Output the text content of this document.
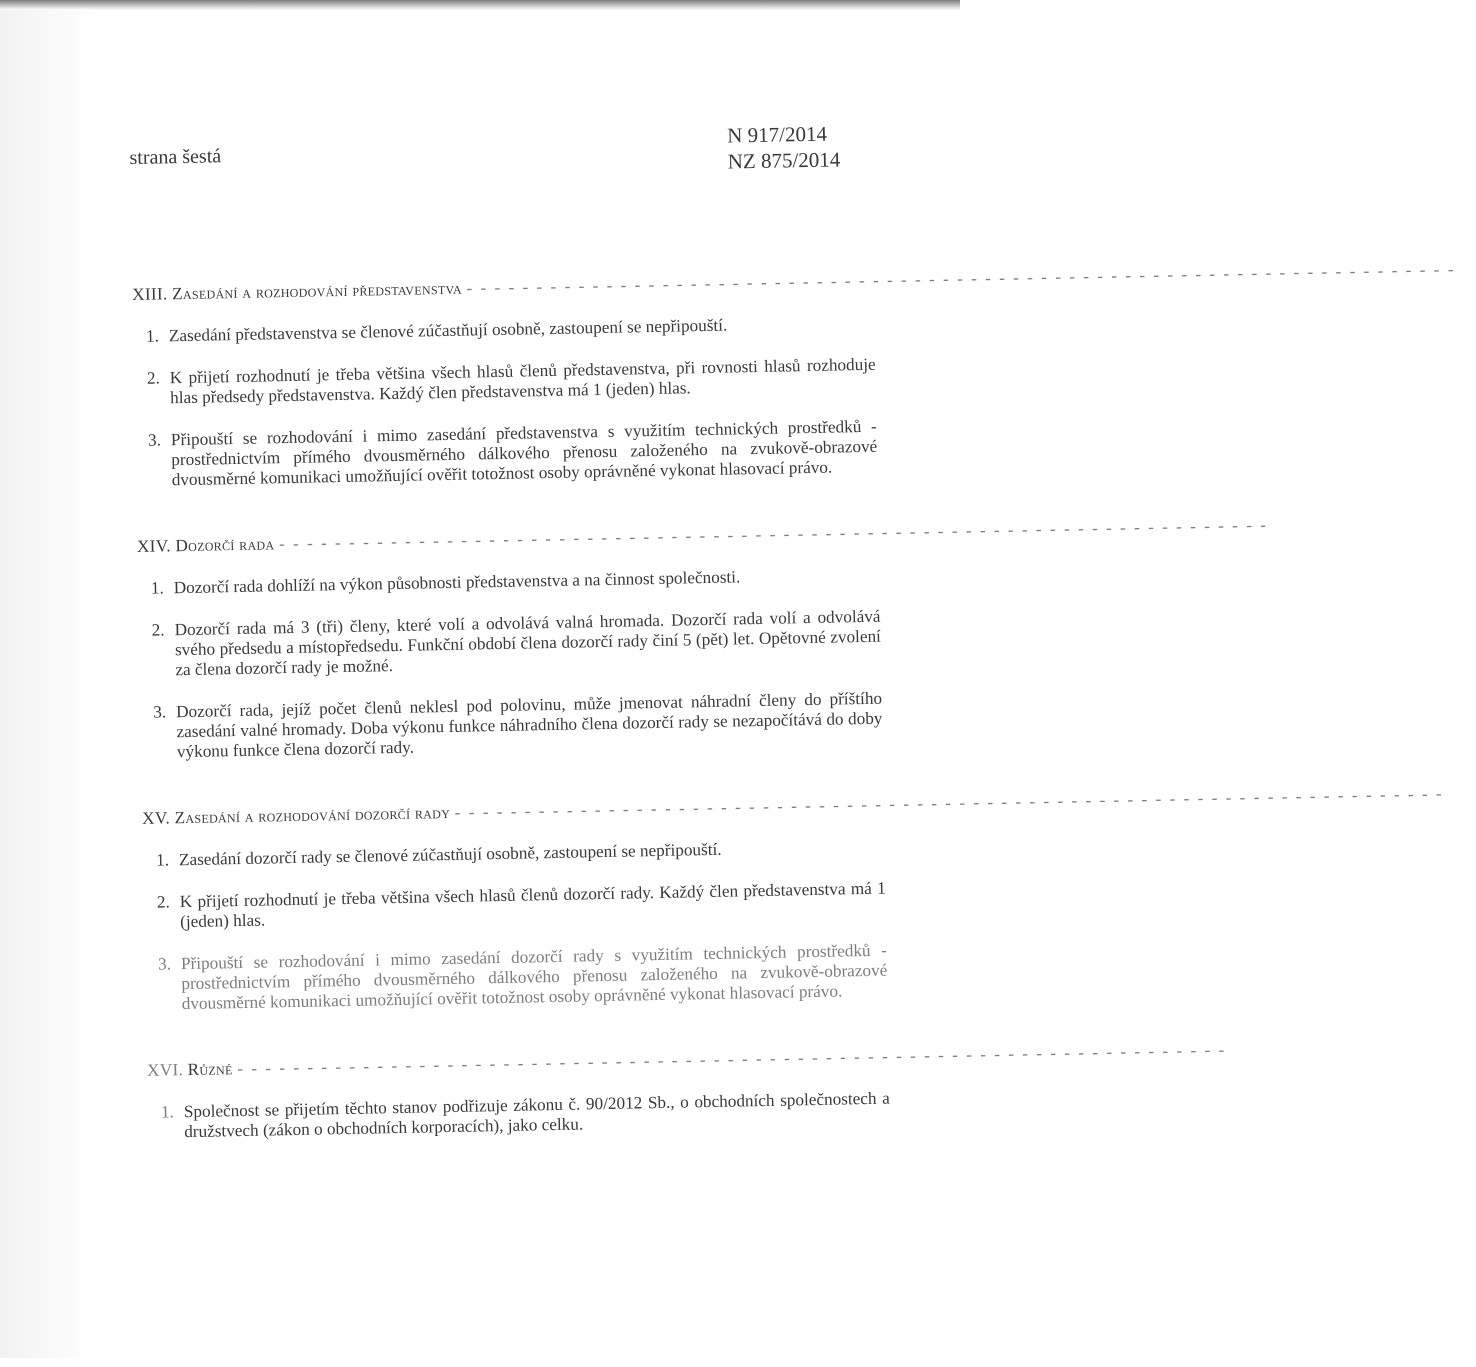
strana šestá
N 917/2014
NZ 875/2014
XIII. Zasedání a rozhodování představenstva - - - - - - - - - - - - - - - - - - - - - - - - - - - - - - - - - - - - - - - - - - - - - - - - - - - - - - - - - - - - - - - - - - - - - - -
1. Zasedání představenstva se členové zúčastňují osobně, zastoupení se nepřipouští.
2. K přijetí rozhodnutí je třeba většina všech hlasů členů představenstva, při rovnosti hlasů rozhoduje hlas předsedy představenstva. Každý člen představenstva má 1 (jeden) hlas.
3. Připouští se rozhodování i mimo zasedání představenstva s využitím technických prostředků - prostřednictvím přímého dvousměrného dálkového přenosu založeného na zvukově-obrazové dvousměrné komunikaci umožňující ověřit totožnost osoby oprávněné vykonat hlasovací právo.
XIV. Dozorčí rada - - - - - - - - - - - - - - - - - - - - - - - - - - - - - - - - - - - - - - - - - - - - - - - - - - - - - - - - - - - - - - - - - - - - - - -
1. Dozorčí rada dohlíží na výkon působnosti představenstva a na činnost společnosti.
2. Dozorčí rada má 3 (tři) členy, které volí a odvolává valná hromada. Dozorčí rada volí a odvolává svého předsedu a místopředsedu. Funkční období člena dozorčí rady činí 5 (pět) let. Opětovné zvolení za člena dozorčí rady je možné.
3. Dozorčí rada, jejíž počet členů neklesl pod polovinu, může jmenovat náhradní členy do příštího zasedání valné hromady. Doba výkonu funkce náhradního člena dozorčí rady se nezapočítává do doby výkonu funkce člena dozorčí rady.
XV. Zasedání a rozhodování dozorčí rady - - - - - - - - - - - - - - - - - - - - - - - - - - - - - - - - - - - - - - - - - - - - - - - - - - - - - - - - - - - - - - - - - - - - - - -
1. Zasedání dozorčí rady se členové zúčastňují osobně, zastoupení se nepřipouští.
2. K přijetí rozhodnutí je třeba většina všech hlasů členů dozorčí rady. Každý člen představenstva má 1 (jeden) hlas.
3. Připouští se rozhodování i mimo zasedání dozorčí rady s využitím technických prostředků - prostřednictvím přímého dvousměrného dálkového přenosu založeného na zvukově-obrazové dvousměrné komunikaci umožňující ověřit totožnost osoby oprávněné vykonat hlasovací právo.
XVI. Různé - - - - - - - - - - - - - - - - - - - - - - - - - - - - - - - - - - - - - - - - - - - - - - - - - - - - - - - - - - - - - - - - - - - - - - -
1. Společnost se přijetím těchto stanov podřizuje zákonu č. 90/2012 Sb., o obchodních společnostech a družstvech (zákon o obchodních korporacích), jako celku.
